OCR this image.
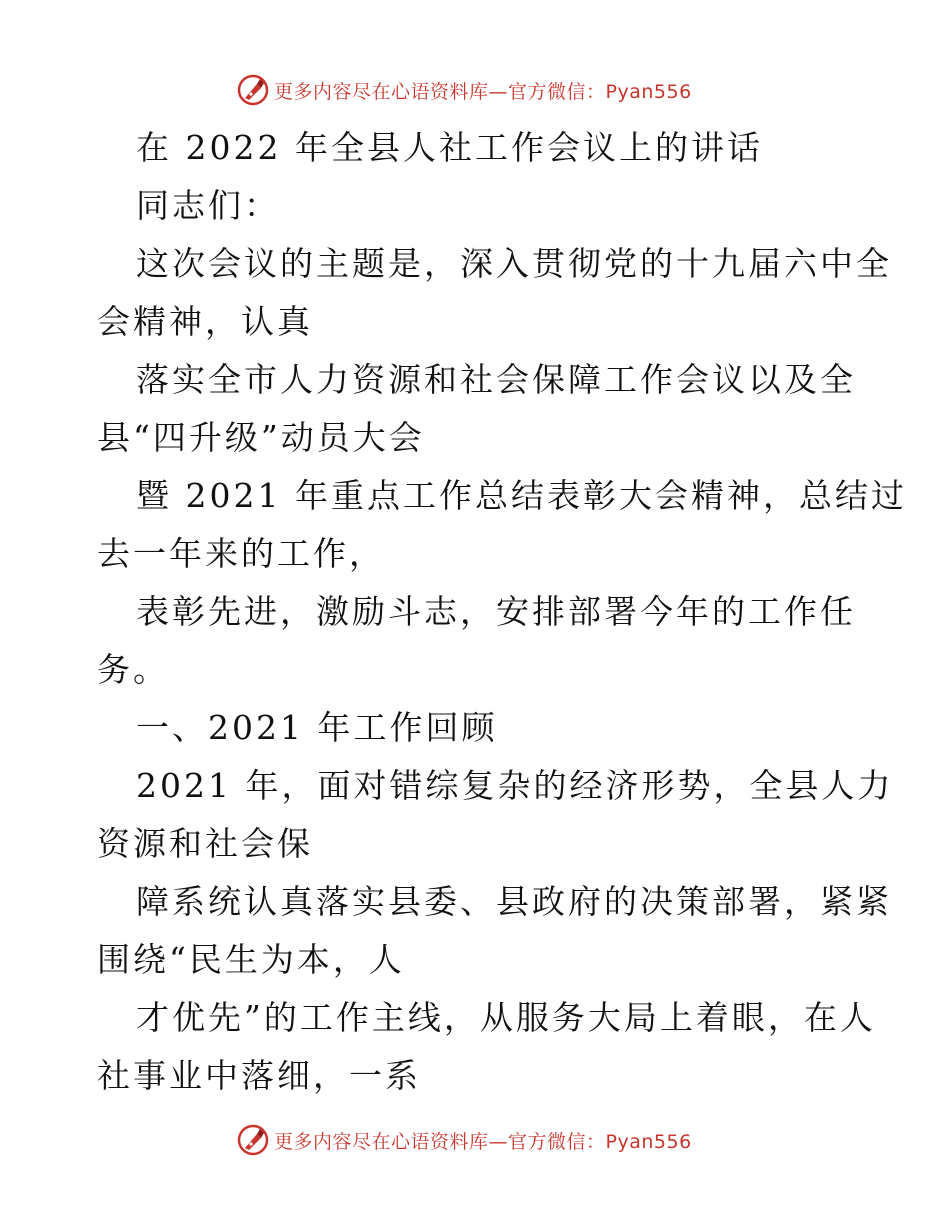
更多内容尽在心语资料库—官方微信：Pyan556
在 2022 年全县人社工作会议上的讲话
同志们：
这次会议的主题是，深入贯彻党的十九届六中全
会精神，认真
落实全市人力资源和社会保障工作会议以及全
县“四升级”动员大会
暨 2021 年重点工作总结表彰大会精神，总结过
去一年来的工作，
表彰先进，激励斗志，安排部署今年的工作任
务。
一、2021 年工作回顾
2021 年，面对错综复杂的经济形势，全县人力
资源和社会保
障系统认真落实县委、县政府的决策部署，紧紧
围绕“民生为本，人
才优先”的工作主线，从服务大局上着眼，在人
社事业中落细，一系
更多内容尽在心语资料库—官方微信：Pyan556
